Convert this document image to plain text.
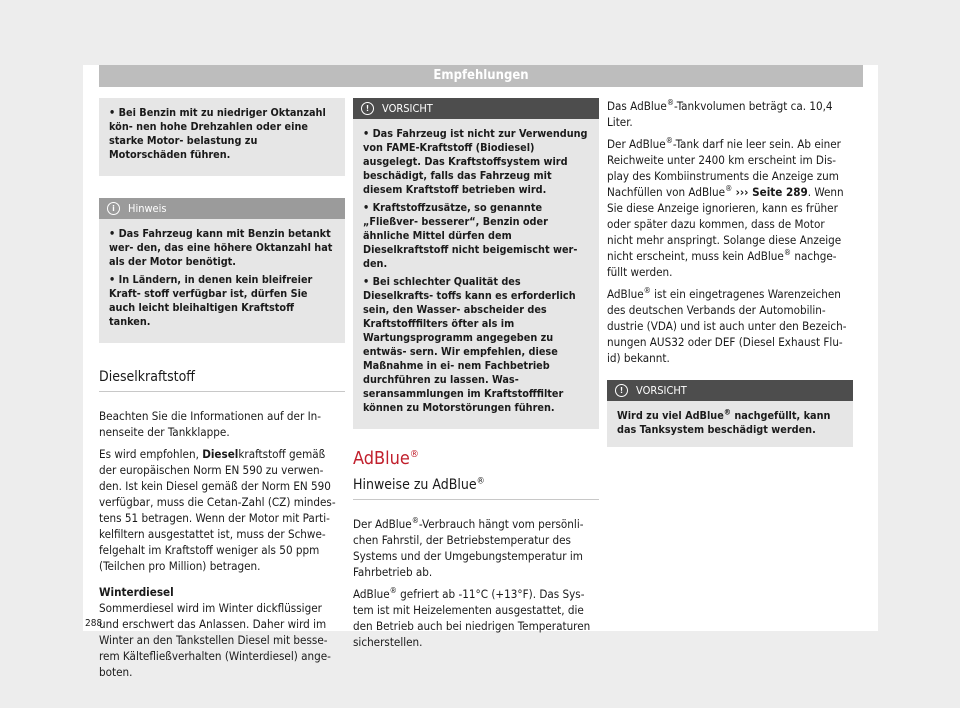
Empfehlungen
• Bei Benzin mit zu niedriger Oktanzahl kön- nen hohe Drehzahlen oder eine starke Motor- belastung zu Motorschäden führen.
i	Hinweis
• Das Fahrzeug kann mit Benzin betankt wer- den, das eine höhere Oktanzahl hat als der Motor benötigt.
• In Ländern, in denen kein bleifreier Kraft- stoff verfügbar ist, dürfen Sie auch leicht bleihaltigen Kraftstoff tanken.
Dieselkraftstoff

Beachten Sie die Informationen auf der In- nenseite der Tankklappe.

Es wird empfohlen, Dieselkraftstoff gemäß der europäischen Norm EN 590 zu verwen- den. Ist kein Diesel gemäß der Norm EN 590 verfügbar, muss die Cetan-Zahl (CZ) mindes- tens 51 betragen. Wenn der Motor mit Parti- kelfiltern ausgestattet ist, muss der Schwe- felgehalt im Kraftstoff weniger als 50 ppm (Teilchen pro Million) betragen.

Winterdiesel
Sommerdiesel wird im Winter dickflüssiger und erschwert das Anlassen. Daher wird im Winter an den Tankstellen Diesel mit besse- rem Kältefließverhalten (Winterdiesel) ange- boten.

!	VORSICHT
• Das Fahrzeug ist nicht zur Verwendung von FAME-Kraftstoff (Biodiesel) ausgelegt. Das Kraftstoffsystem wird beschädigt, falls das Fahrzeug mit diesem Kraftstoff betrieben wird.
• Kraftstoffzusätze, so genannte „Fließver- besserer“, Benzin oder ähnliche Mittel dürfen dem Dieselkraftstoff nicht beigemischt wer- den.
• Bei schlechter Qualität des Dieselkrafts- toffs kann es erforderlich sein, den Wasser- abscheider des Kraftstofffilters öfter als im Wartungsprogramm angegeben zu entwäs- sern. Wir empfehlen, diese Maßnahme in ei- nem Fachbetrieb durchführen zu lassen. Was- seransammlungen im Kraftstofffilter können zu Motorstörungen führen.
AdBlue®
Hinweise zu AdBlue®

Der AdBlue®-Verbrauch hängt vom persönli- chen Fahrstil, der Betriebstemperatur des Systems und der Umgebungstemperatur im Fahrbetrieb ab.

AdBlue® gefriert ab -11°C (+13°F). Das Sys- tem ist mit Heizelementen ausgestattet, die den Betrieb auch bei niedrigen Temperaturen sicherstellen.

Das AdBlue®-Tankvolumen beträgt ca. 10,4 Liter.

Der AdBlue®-Tank darf nie leer sein. Ab einer Reichweite unter 2400 km erscheint im Dis- play des Kombiinstruments die Anzeige zum Nachfüllen von AdBlue® ››› Seite 289. Wenn Sie diese Anzeige ignorieren, kann es früher oder später dazu kommen, dass de Motor nicht mehr anspringt. Solange diese Anzeige nicht erscheint, muss kein AdBlue® nachge- füllt werden.

AdBlue® ist ein eingetragenes Warenzeichen des deutschen Verbands der Automobilin- dustrie (VDA) und ist auch unter den Bezeich- nungen AUS32 oder DEF (Diesel Exhaust Flu- id) bekannt.

!	VORSICHT
Wird zu viel AdBlue® nachgefüllt, kann das Tanksystem beschädigt werden.
288
